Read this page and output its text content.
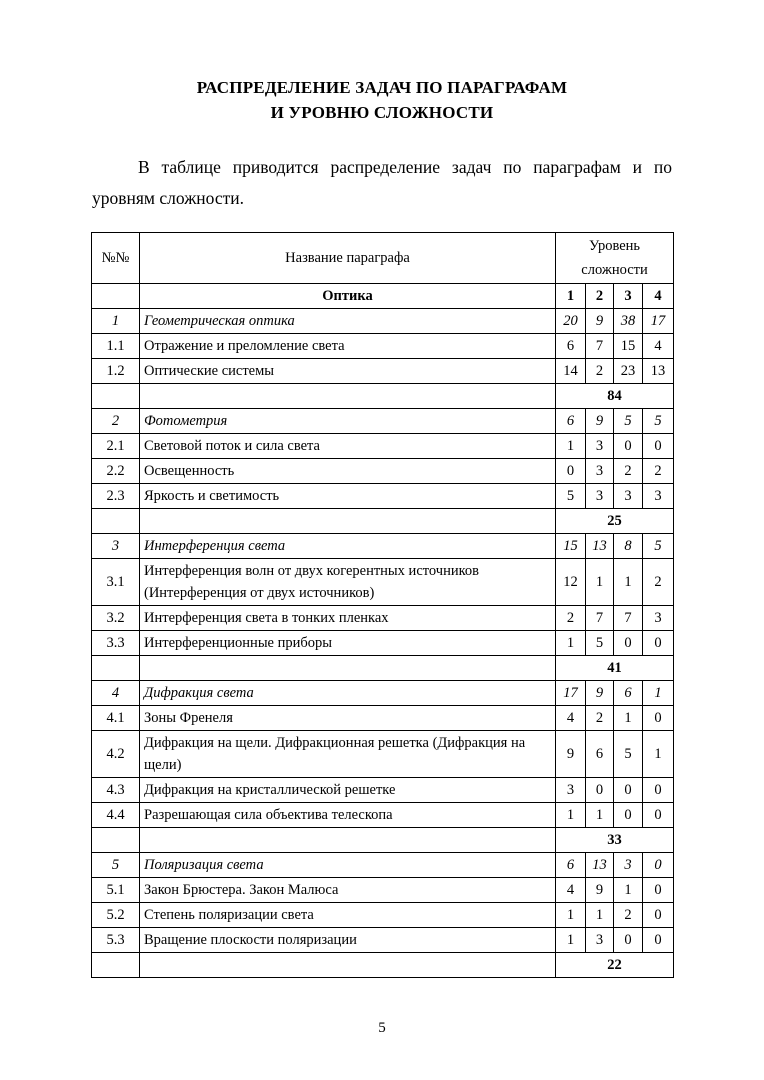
РАСПРЕДЕЛЕНИЕ ЗАДАЧ ПО ПАРАГРАФАМ
И УРОВНЮ СЛОЖНОСТИ
В таблице приводится распределение задач по параграфам и по уровням сложности.
№№	Название параграфа	Уровень сложности			
	Оптика	1	2	3	4
1	Геометрическая оптика	20	9	38	17
1.1	Отражение и преломление света	6	7	15	4
1.2	Оптические системы	14	2	23	13
		84			
2	Фотометрия	6	9	5	5
2.1	Световой поток и сила света	1	3	0	0
2.2	Освещенность	0	3	2	2
2.3	Яркость и светимость	5	3	3	3
		25			
3	Интерференция света	15	13	8	5
3.1	Интерференция волн от двух когерентных источников (Интерференция от двух источников)	12	1	1	2
3.2	Интерференция света в тонких пленках	2	7	7	3
3.3	Интерференционные приборы	1	5	0	0
		41			
4	Дифракция света	17	9	6	1
4.1	Зоны Френеля	4	2	1	0
4.2	Дифракция на щели. Дифракционная решетка (Дифракция на щели)	9	6	5	1
4.3	Дифракция на кристаллической решетке	3	0	0	0
4.4	Разрешающая сила объектива телескопа	1	1	0	0
		33			
5	Поляризация света	6	13	3	0
5.1	Закон Брюстера. Закон Малюса	4	9	1	0
5.2	Степень поляризации света	1	1	2	0
5.3	Вращение плоскости поляризации	1	3	0	0
		22			
5
